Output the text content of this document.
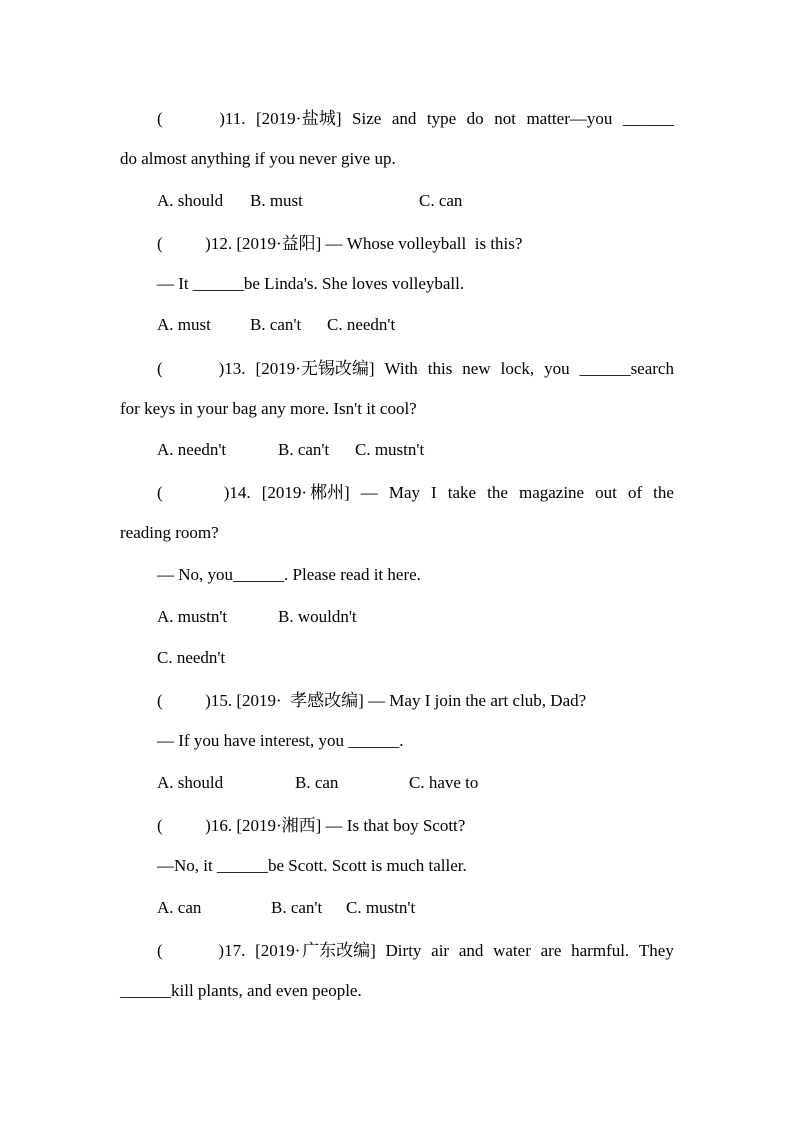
(	)11. [2019· 盐城] Size and type do not matter—you ______
do almost anything if you never give up.
A. should B. must	C. can
(          )12. [2019·益阳] — Whose volleyball  is this?
— It ______be Linda's. She loves volleyball.
A. must B. can't C. needn't
(	)13. [2019·无锡改编] With this new lock, you ______search
for keys in your bag any more. Isn't it cool?
A. needn't	B. can't C. mustn't
(	)14. [2019· 郴州] — May I take the magazine out of the
reading room?
— No, you______. Please read it here.
A. mustn't	B. wouldn't
C. needn't
(          )15. [2019·  孝感改编] — May I join the art club, Dad?
— If you have interest, you ______.
A. should	B. can	C. have to
(          )16. [2019·湘西] — Is that boy Scott?
—No, it ______be Scott. Scott is much taller.
A. can	B. can't C. mustn't
(	)17. [2019· 广东改编] Dirty air and water are harmful. They
______kill plants, and even people.
